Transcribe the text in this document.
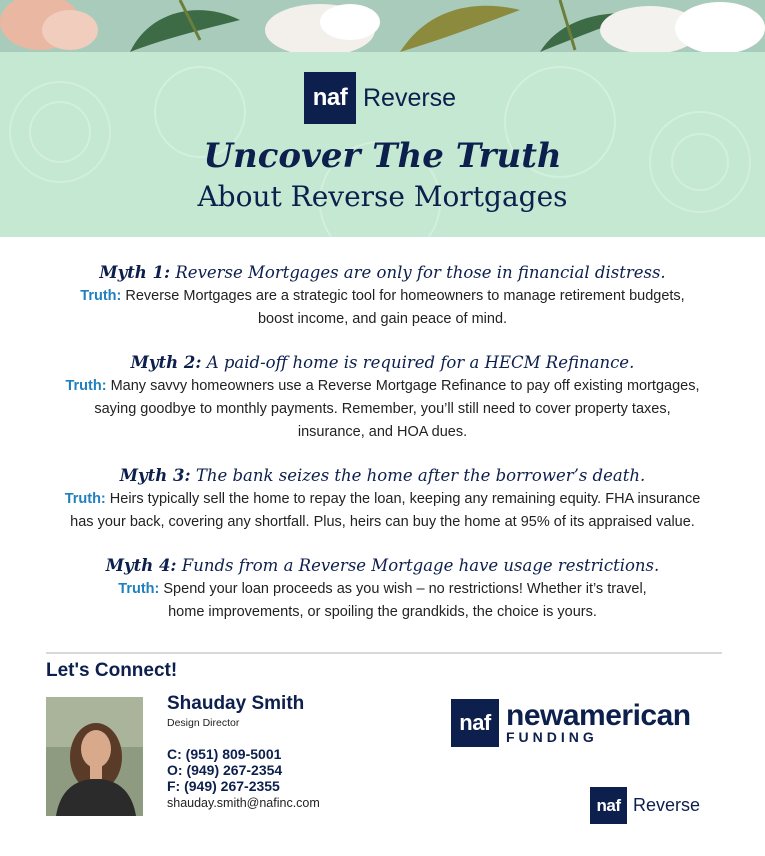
naf Reverse
Uncover The Truth
About Reverse Mortgages
Myth 1: Reverse Mortgages are only for those in financial distress.
Truth: Reverse Mortgages are a strategic tool for homeowners to manage retirement budgets,
boost income, and gain peace of mind.
Myth 2: A paid-off home is required for a HECM Refinance.
Truth: Many savvy homeowners use a Reverse Mortgage Refinance to pay off existing mortgages,
saying goodbye to monthly payments. Remember, you’ll still need to cover property taxes,
insurance, and HOA dues.
Myth 3: The bank seizes the home after the borrower’s death.
Truth: Heirs typically sell the home to repay the loan, keeping any remaining equity. FHA insurance
has your back, covering any shortfall. Plus, heirs can buy the home at 95% of its appraised value.
Myth 4: Funds from a Reverse Mortgage have usage restrictions.
Truth: Spend your loan proceeds as you wish – no restrictions! Whether it’s travel,
home improvements, or spoiling the grandkids, the choice is yours.
Let's Connect!
Shauday Smith
Design Director
C: (951) 809-5001
O: (949) 267-2354
F: (949) 267-2355
shauday.smith@nafinc.com
naf newamerican
FUNDING
naf Reverse
